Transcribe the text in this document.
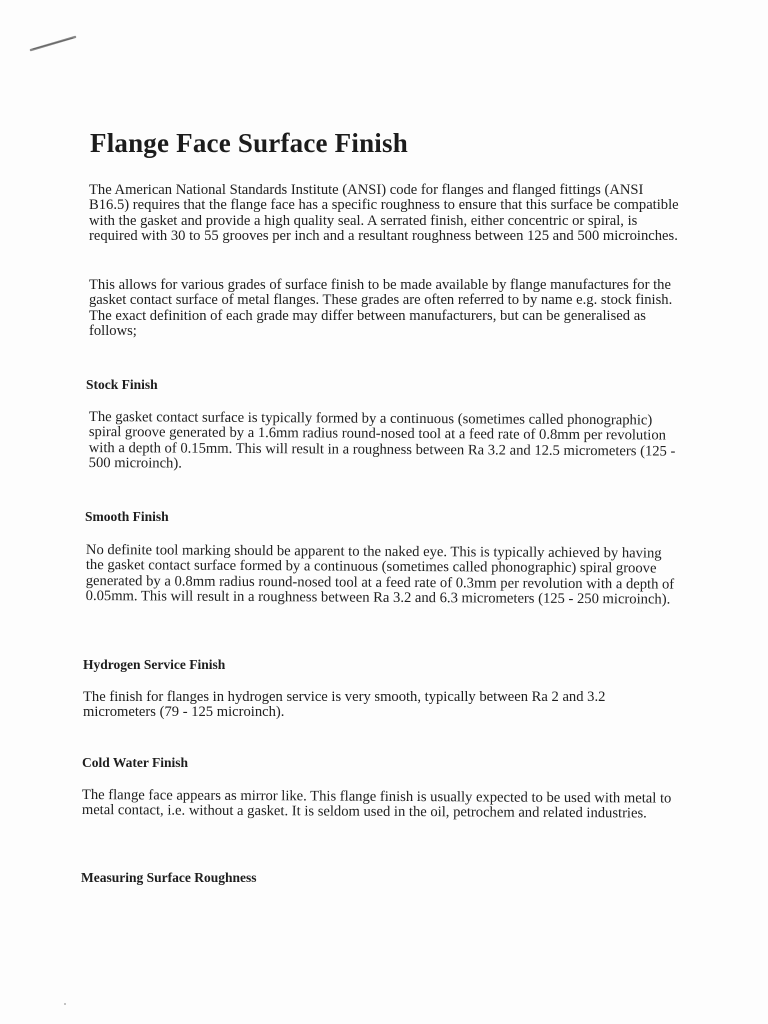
Flange Face Surface Finish

The American National Standards Institute (ANSI) code for flanges and flanged fittings (ANSI B16.5) requires that the flange face has a specific roughness to ensure that this surface be compatible with the gasket and provide a high quality seal. A serrated finish, either concentric or spiral, is required with 30 to 55 grooves per inch and a resultant roughness between 125 and 500 microinches.

This allows for various grades of surface finish to be made available by flange manufactures for the gasket contact surface of metal flanges. These grades are often referred to by name e.g. stock finish. The exact definition of each grade may differ between manufacturers, but can be generalised as follows;

Stock Finish

The gasket contact surface is typically formed by a continuous (sometimes called phonographic) spiral groove generated by a 1.6mm radius round-nosed tool at a feed rate of 0.8mm per revolution with a depth of 0.15mm. This will result in a roughness between Ra 3.2 and 12.5 micrometers (125 - 500 microinch).

Smooth Finish

No definite tool marking should be apparent to the naked eye. This is typically achieved by having the gasket contact surface formed by a continuous (sometimes called phonographic) spiral groove generated by a 0.8mm radius round-nosed tool at a feed rate of 0.3mm per revolution with a depth of 0.05mm. This will result in a roughness between Ra 3.2 and 6.3 micrometers (125 - 250 microinch).

Hydrogen Service Finish

The finish for flanges in hydrogen service is very smooth, typically between Ra 2 and 3.2 micrometers (79 - 125 microinch).

Cold Water Finish

The flange face appears as mirror like. This flange finish is usually expected to be used with metal to metal contact, i.e. without a gasket. It is seldom used in the oil, petrochem and related industries.

Measuring Surface Roughness
